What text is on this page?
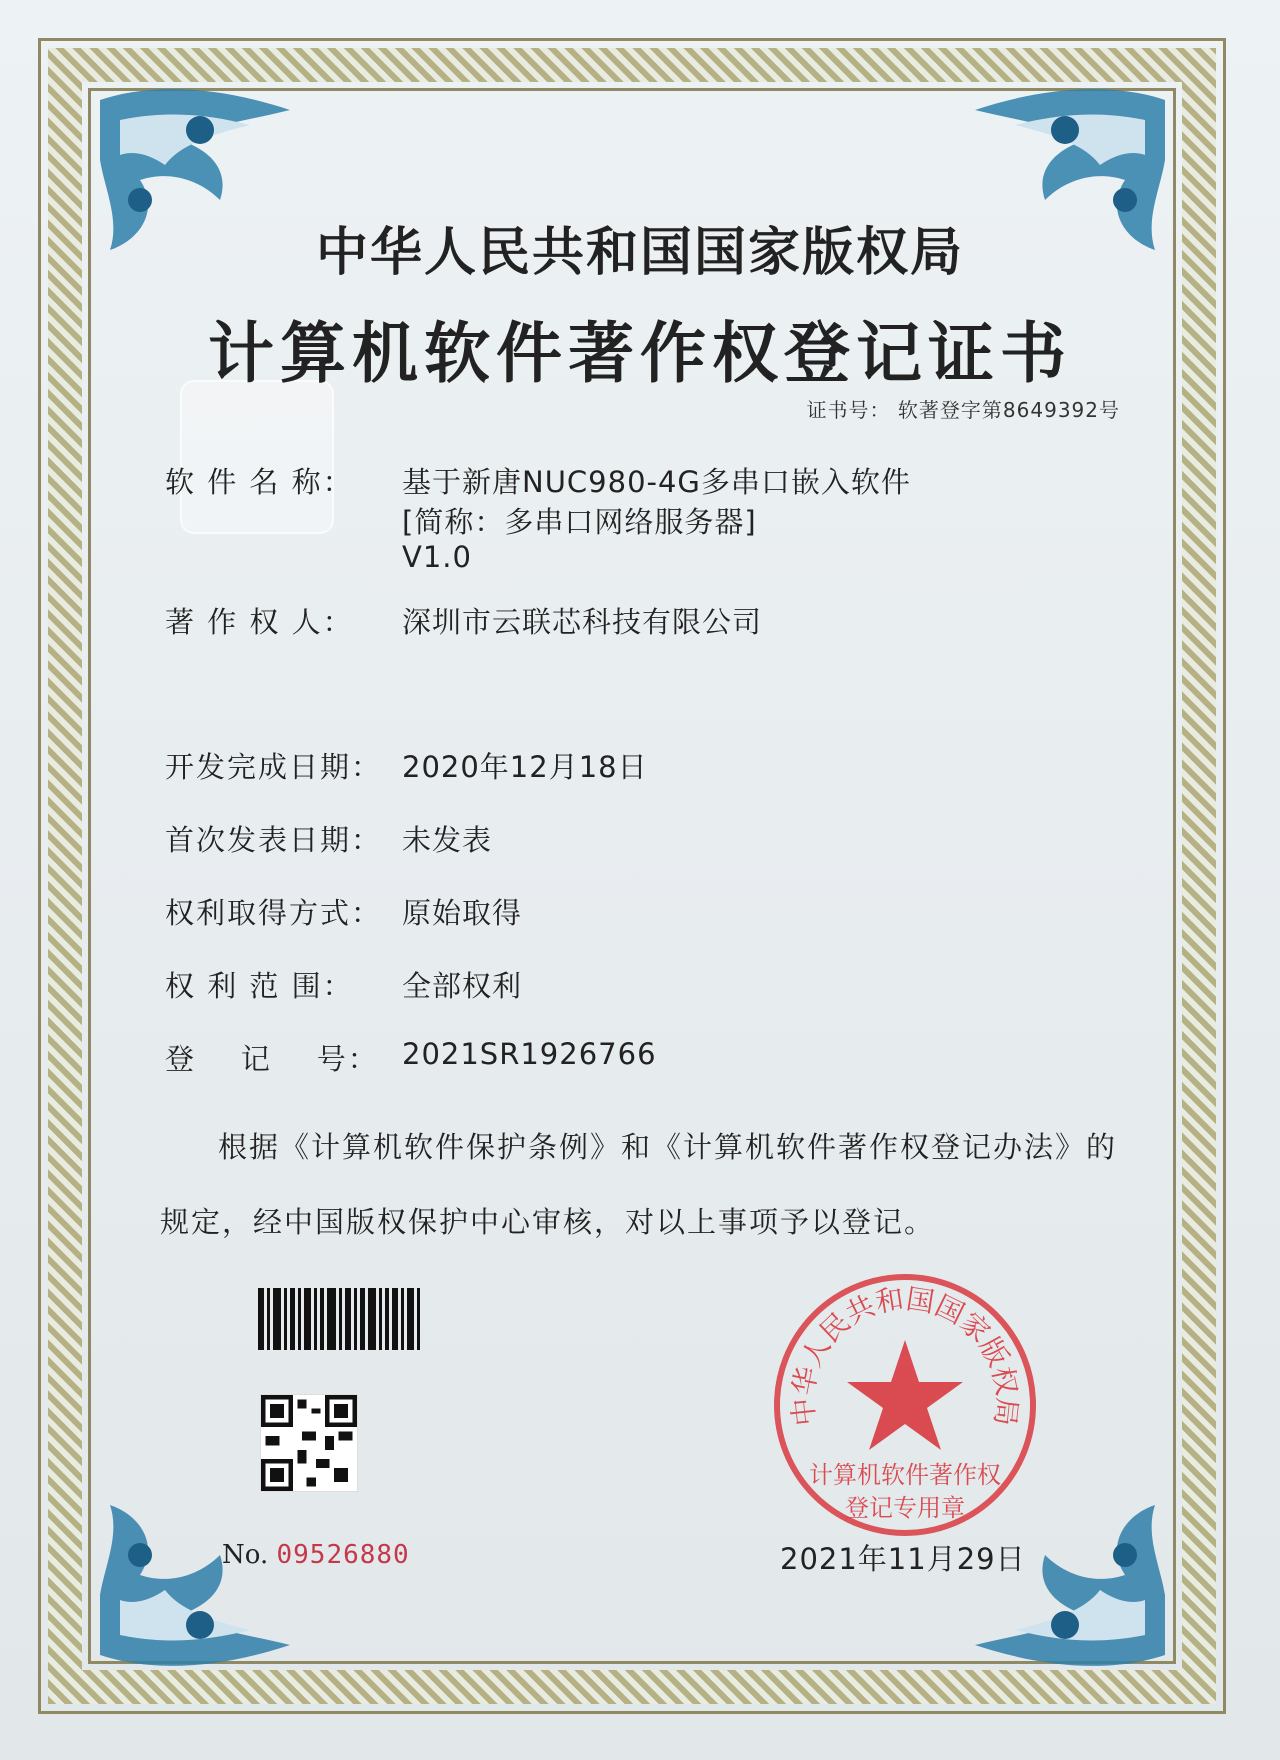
中华人民共和国国家版权局
计算机软件著作权登记证书
证书号： 软著登字第8649392号
软 件 名 称： 基于新唐NUC980-4G多串口嵌入软件
[简称：多串口网络服务器]
V1.0
著 作 权 人： 深圳市云联芯科技有限公司
开发完成日期： 2020年12月18日
首次发表日期： 未发表
权利取得方式： 原始取得
权 利 范 围： 全部权利
登    记    号： 2021SR1926766
根据《计算机软件保护条例》和《计算机软件著作权登记办法》的
规定，经中国版权保护中心审核，对以上事项予以登记。
No. 09526880
中华人民共和国国家版权局
计算机软件著作权
登记专用章
2021年11月29日
